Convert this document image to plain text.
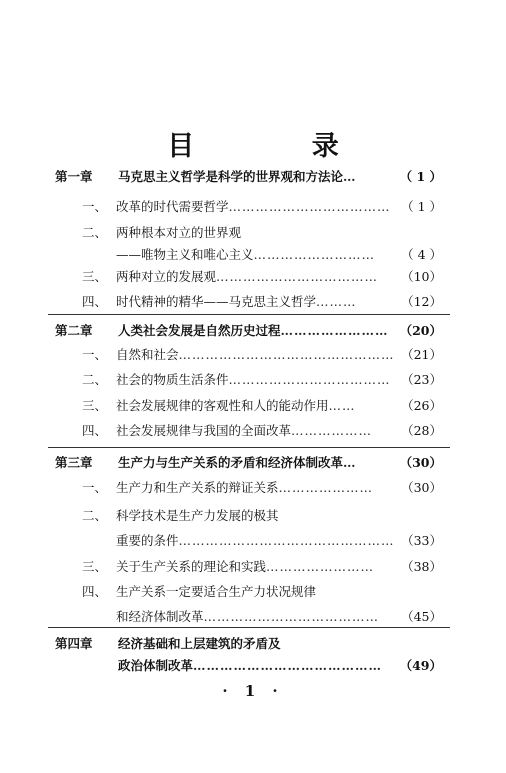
目 录
第一章 马克思主义哲学是科学的世界观和方法论…	（ 1 ）
一、 改革的时代需要哲学……………………………… （ 1 ）
二、 两种根本对立的世界观
——唯物主义和唯心主义……………………… （ 4 ）
三、 两种对立的发展观……………………………… （10）
四、 时代精神的精华——马克思主义哲学………	（12）
第二章 人类社会发展是自然历史过程…………………… （20）
一、 自然和社会………………………………………… （21）
二、 社会的物质生活条件……………………………… （23）
三、 社会发展规律的客观性和人的能动作用……	（26）
四、 社会发展规律与我国的全面改革……………… （28）
第三章 生产力与生产关系的矛盾和经济体制改革…	（30）
一、 生产力和生产关系的辩证关系………………… （30）
二、 科学技术是生产力发展的极其
重要的条件………………………………………… （33）
三、 关于生产关系的理论和实践…………………… （38）
四、 生产关系一定要适合生产力状况规律
和经济体制改革………………………………… （45）
第四章 经济基础和上层建筑的矛盾及
政治体制改革…………………………………… （49）
· 1 ·
